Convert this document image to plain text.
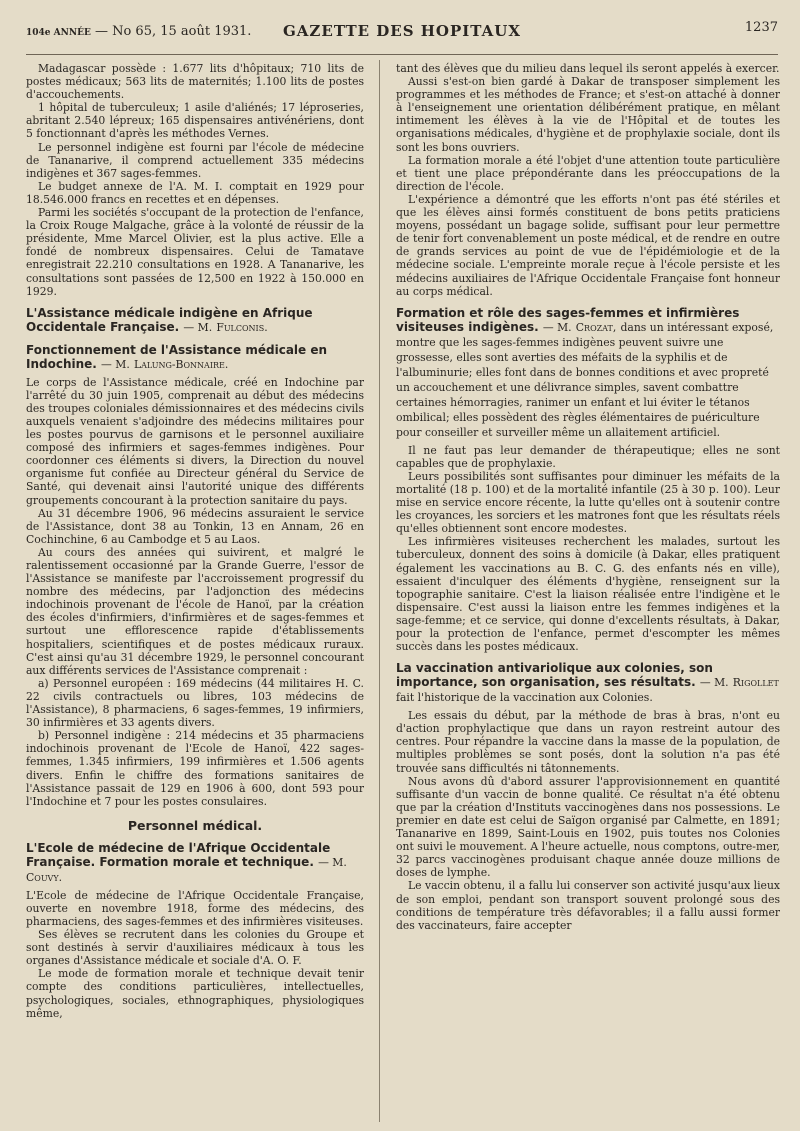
104e ANNÉE — No 65, 15 août 1931.	GAZETTE DES HOPITAUX	1237

Madagascar possède : 1.677 lits d'hôpitaux; 710 lits de postes médicaux; 563 lits de maternités; 1.100 lits de postes d'accouchements.

1 hôpital de tuberculeux; 1 asile d'aliénés; 17 léproseries, abritant 2.540 lépreux; 165 dispensaires antivénériens, dont 5 fonctionnant d'après les méthodes Vernes.

Le personnel indigène est fourni par l'école de médecine de Tananarive, il comprend actuellement 335 médecins indigènes et 367 sages-femmes.

Le budget annexe de l'A. M. I. comptait en 1929 pour 18.546.000 francs en recettes et en dépenses.

Parmi les sociétés s'occupant de la protection de l'enfance, la Croix Rouge Malgache, grâce à la volonté de réussir de la présidente, Mme Marcel Olivier, est la plus active. Elle a fondé de nombreux dispensaires. Celui de Tamatave enregistrait 22.210 consultations en 1928. A Tananarive, les consultations sont passées de 12,500 en 1922 à 150.000 en 1929.

L'Assistance médicale indigène en Afrique Occidentale Française. — M. Fulconis.
Fonctionnement de l'Assistance médicale en Indochine. — M. Lalung-Bonnaire.

Le corps de l'Assistance médicale, créé en Indochine par l'arrêté du 30 juin 1905, comprenait au début des médecins des troupes coloniales démissionnaires et des médecins civils auxquels venaient s'adjoindre des médecins militaires pour les postes pourvus de garnisons et le personnel auxiliaire composé des infirmiers et sages-femmes indigènes. Pour coordonner ces éléments si divers, la Direction du nouvel organisme fut confiée au Directeur général du Service de Santé, qui devenait ainsi l'autorité unique des différents groupements concourant à la protection sanitaire du pays.

Au 31 décembre 1906, 96 médecins assuraient le service de l'Assistance, dont 38 au Tonkin, 13 en Annam, 26 en Cochinchine, 6 au Cambodge et 5 au Laos.

Au cours des années qui suivirent, et malgré le ralentissement occasionné par la Grande Guerre, l'essor de l'Assistance se manifeste par l'accroissement progressif du nombre des médecins, par l'adjonction des médecins indochinois provenant de l'école de Hanoï, par la création des écoles d'infirmiers, d'infirmières et de sages-femmes et surtout une efflorescence rapide d'établissements hospitaliers, scientifiques et de postes médicaux ruraux. C'est ainsi qu'au 31 décembre 1929, le personnel concourant aux différents services de l'Assistance comprenait :

a) Personnel européen : 169 médecins (44 militaires H. C. 22 civils contractuels ou libres, 103 médecins de l'Assistance), 8 pharmaciens, 6 sages-femmes, 19 infirmiers, 30 infirmières et 33 agents divers.

b) Personnel indigène : 214 médecins et 35 pharmaciens indochinois provenant de l'Ecole de Hanoï, 422 sages-femmes, 1.345 infirmiers, 199 infirmières et 1.506 agents divers. Enfin le chiffre des formations sanitaires de l'Assistance passait de 129 en 1906 à 600, dont 593 pour l'Indochine et 7 pour les postes consulaires.

Personnel médical.
L'Ecole de médecine de l'Afrique Occidentale Française. Formation morale et technique. — M. Couvy.

L'Ecole de médecine de l'Afrique Occidentale Française, ouverte en novembre 1918, forme des médecins, des pharmaciens, des sages-femmes et des infirmières visiteuses.

Ses élèves se recrutent dans les colonies du Groupe et sont destinés à servir d'auxiliaires médicaux à tous les organes d'Assistance médicale et sociale d'A. O. F.

Le mode de formation morale et technique devait tenir compte des conditions particulières, intellectuelles, psychologiques, sociales, ethnographiques, physiologiques même,

tant des élèves que du milieu dans lequel ils seront appelés à exercer.

Aussi s'est-on bien gardé à Dakar de transposer simplement les programmes et les méthodes de France; et s'est-on attaché à donner à l'enseignement une orientation délibérément pratique, en mêlant intimement les élèves à la vie de l'Hôpital et de toutes les organisations médicales, d'hygiène et de prophylaxie sociale, dont ils sont les bons ouvriers.

La formation morale a été l'objet d'une attention toute particulière et tient une place prépondérante dans les préoccupations de la direction de l'école.

L'expérience a démontré que les efforts n'ont pas été stériles et que les élèves ainsi formés constituent de bons petits praticiens moyens, possédant un bagage solide, suffisant pour leur permettre de tenir fort convenablement un poste médical, et de rendre en outre de grands services au point de vue de l'épidémiologie et de la médecine sociale. L'empreinte morale reçue à l'école persiste et les médecins auxiliaires de l'Afrique Occidentale Française font honneur au corps médical.

Formation et rôle des sages-femmes et infirmières visiteuses indigènes. — M. Crozat, dans un intéressant exposé, montre que les sages-femmes indigènes peuvent suivre une grossesse, elles sont averties des méfaits de la syphilis et de l'albuminurie; elles font dans de bonnes conditions et avec propreté un accouchement et une délivrance simples, savent combattre certaines hémorragies, ranimer un enfant et lui éviter le tétanos ombilical; elles possèdent des règles élémentaires de puériculture pour conseiller et surveiller même un allaitement artificiel.

Il ne faut pas leur demander de thérapeutique; elles ne sont capables que de prophylaxie.

Leurs possibilités sont suffisantes pour diminuer les méfaits de la mortalité (18 p. 100) et de la mortalité infantile (25 à 30 p. 100). Leur mise en service encore récente, la lutte qu'elles ont à soutenir contre les croyances, les sorciers et les matrones font que les résultats réels qu'elles obtiennent sont encore modestes.

Les infirmières visiteuses recherchent les malades, surtout les tuberculeux, donnent des soins à domicile (à Dakar, elles pratiquent également les vaccinations au B. C. G. des enfants nés en ville), essaient d'inculquer des éléments d'hygiène, renseignent sur la topographie sanitaire. C'est la liaison réalisée entre l'indigène et le dispensaire. C'est aussi la liaison entre les femmes indigènes et la sage-femme; et ce service, qui donne d'excellents résultats, à Dakar, pour la protection de l'enfance, permet d'escompter les mêmes succès dans les postes médicaux.

La vaccination antivariolique aux colonies, son importance, son organisation, ses résultats. — M. Rigollet fait l'historique de la vaccination aux Colonies.

Les essais du début, par la méthode de bras à bras, n'ont eu d'action prophylactique que dans un rayon restreint autour des centres. Pour répandre la vaccine dans la masse de la population, de multiples problèmes se sont posés, dont la solution n'a pas été trouvée sans difficultés ni tâtonnements.

Nous avons dû d'abord assurer l'approvisionnement en quantité suffisante d'un vaccin de bonne qualité. Ce résultat n'a été obtenu que par la création d'Instituts vaccinogènes dans nos possessions. Le premier en date est celui de Saïgon organisé par Calmette, en 1891; Tananarive en 1899, Saint-Louis en 1902, puis toutes nos Colonies ont suivi le mouvement. A l'heure actuelle, nous comptons, outre-mer, 32 parcs vaccinogènes produisant chaque année douze millions de doses de lymphe.

Le vaccin obtenu, il a fallu lui conserver son activité jusqu'aux lieux de son emploi, pendant son transport souvent prolongé sous des conditions de température très défavorables; il a fallu aussi former des vaccinateurs, faire accepter
